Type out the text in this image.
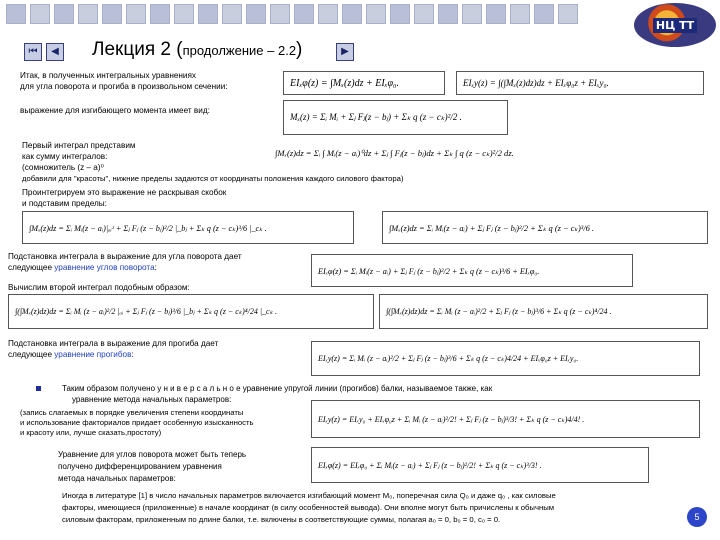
НЦ ТТ
⏮	◀	▶
Лекция 2 (продолжение – 2.2)
Итак, в полученных интегральных уравнениях
для угла поворота и прогиба в произвольном сечении:	EIₓφ(z) = ∫Mₓ(z)dz + EIₓφ₀.	EIₓy(z) = ∫(∫Mₓ(z)dz)dz + EIₓφ₀z + EIₓy₀.
выражение для изгибающего момента имеет вид:
Mₓ(z) = Σᵢ Mᵢ + Σⱼ Fⱼ(z − bⱼ) + Σₖ q (z − cₖ)²/2 .
Первый интеграл представим
как сумму интегралов:
(сомножитель (z – a)⁰
добавили для "красоты", нижние пределы задаются от координаты положения каждого силового фактора)
∫Mₓ(z)dz = Σᵢ ∫ Mᵢ(z − aᵢ)⁰dz + Σⱼ ∫ Fⱼ(z − bⱼ)dz + Σₖ ∫ q (z − cₖ)²/2 dz.
Проинтегрируем это выражение не раскрывая скобок
и подставим пределы:
∫Mₓ(z)dz = Σᵢ Mᵢ(z − aᵢ)|ₐᵢᶻ + Σⱼ Fⱼ (z − bⱼ)²/2 |_bⱼ + Σₖ q (z − cₖ)³/6 |_cₖ .	∫Mₓ(z)dz = Σᵢ Mᵢ(z − aᵢ) + Σⱼ Fⱼ (z − bⱼ)²/2 + Σₖ q (z − cₖ)³/6 .
Подстановка интеграла в выражение для угла поворота дает
следующее уравнение углов поворота:	EIₓφ(z) = Σᵢ Mᵢ(z − aᵢ) + Σⱼ Fⱼ (z − bⱼ)²/2 + Σₖ q (z − cₖ)³/6 + EIₓφ₀.
Вычислим второй интеграл подобным образом:
∫(∫Mₓ(z)dz)dz = Σᵢ Mᵢ (z − aᵢ)²/2 |ₐᵢ + Σⱼ Fⱼ (z − bⱼ)³/6 |_bⱼ + Σₖ q (z − cₖ)⁴/24 |_cₖ .	∫(∫Mₓ(z)dz)dz = Σᵢ Mᵢ (z − aᵢ)²/2 + Σⱼ Fⱼ (z − bⱼ)³/6 + Σₖ q (z − cₖ)⁴/24 .
Подстановка интеграла в выражение для прогиба дает
следующее уравнение прогибов:	EIₓy(z) = Σᵢ Mᵢ (z − aᵢ)²/2 + Σⱼ Fⱼ (z − bⱼ)³/6 + Σₖ q (z − cₖ)4/24 + EIₓφ₀z + EIₓy₀.
Таким образом получено у н и в е р с а л ь н о е уравнение упругой линии (прогибов) балки, называемое также, как
уравнение метода начальных параметров:
(запись слагаемых в порядке увеличения степени координаты
и использование факториалов придает особенную изысканность
и красоту или, лучше сказать,простоту)
EIₓy(z) = EIₓy₀ + EIₓφ₀z + Σᵢ Mᵢ (z − aᵢ)²/2! + Σⱼ Fⱼ (z − bⱼ)³/3! + Σₖ q (z − cₖ)4/4! .
Уравнение для углов поворота может быть теперь
получено дифференцированием уравнения
метода начальных параметров:
EIₓφ(z) = EIₓφ₀ + Σᵢ Mᵢ(z − aᵢ) + Σⱼ Fⱼ (z − bⱼ)²/2! + Σₖ q (z − cₖ)³/3! .
Иногда в литературе [1] в число начальных параметров включается изгибающий момент M₀, поперечная сила Q₀ и даже q₀ , как силовые
факторы, имеющиеся (приложенные) в начале координат (в силу особенностей вывода). Они вполне могут быть причислены к обычным
силовым факторам, приложенным по длине балки, т.е. включены в соответствующие суммы, полагая a₀ = 0, b₀ = 0, c₀ = 0.	5
